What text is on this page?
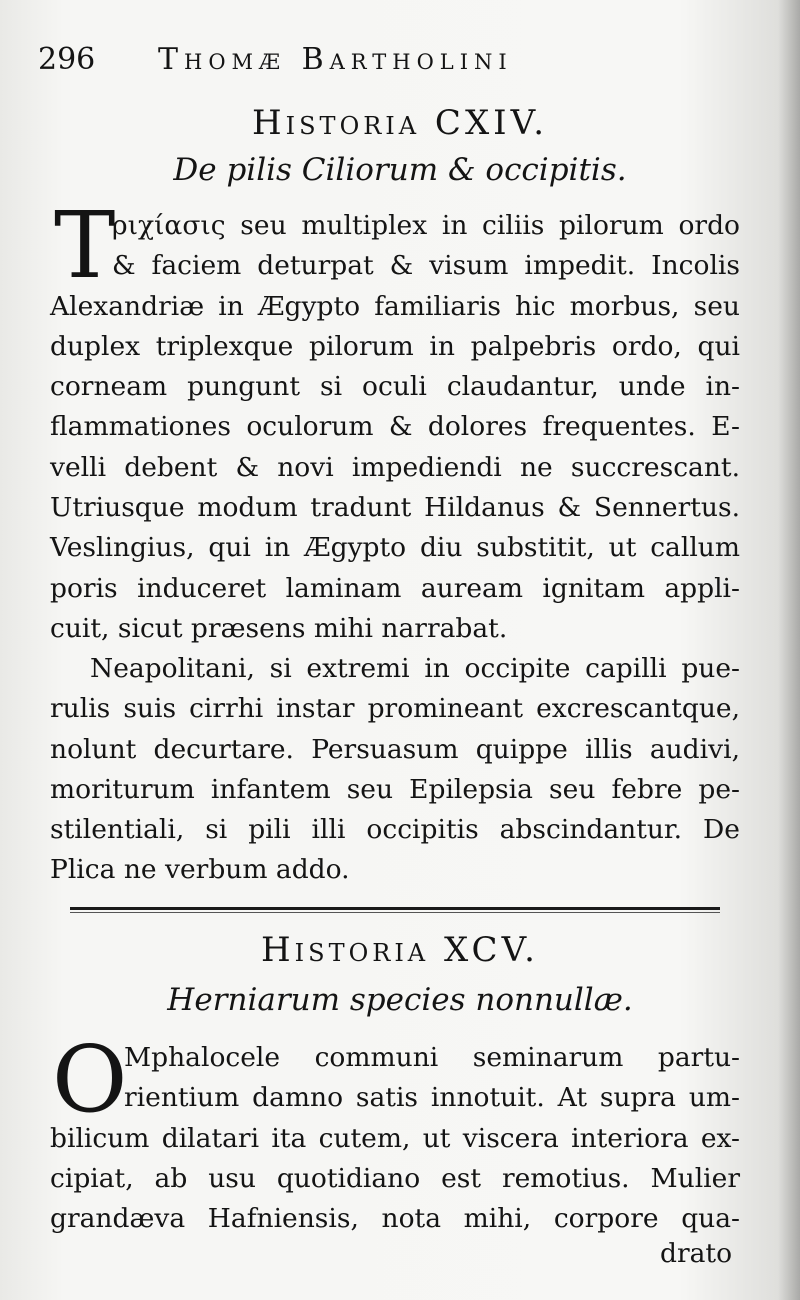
296 Thomæ Bartholini
Historia CXIV.
De pilis Ciliorum & occipitis.
T
ριχίασις seu multiplex in ciliis pilorum ordo
& faciem deturpat & visum impedit. Incolis
Alexandriæ in Ægypto familiaris hic morbus, seu
duplex triplexque pilorum in palpebris ordo, qui
corneam pungunt si oculi claudantur, unde in-
flammationes oculorum & dolores frequentes. E-
velli debent & novi impediendi ne succrescant.
Utriusque modum tradunt Hildanus & Sennertus.
Veslingius, qui in Ægypto diu substitit, ut callum
poris induceret laminam auream ignitam appli-
cuit, sicut præsens mihi narrabat.
Neapolitani, si extremi in occipite capilli pue-
rulis suis cirrhi instar promineant excrescantque,
nolunt decurtare. Persuasum quippe illis audivi,
moriturum infantem seu Epilepsia seu febre pe-
stilentiali, si pili illi occipitis abscindantur. De
Plica ne verbum addo.
Historia XCV.
Herniarum species nonnullæ.
O
Mphalocele communi seminarum partu-
rientium damno satis innotuit. At supra um-
bilicum dilatari ita cutem, ut viscera interiora ex-
cipiat, ab usu quotidiano est remotius. Mulier
grandæva Hafniensis, nota mihi, corpore qua-
drato
